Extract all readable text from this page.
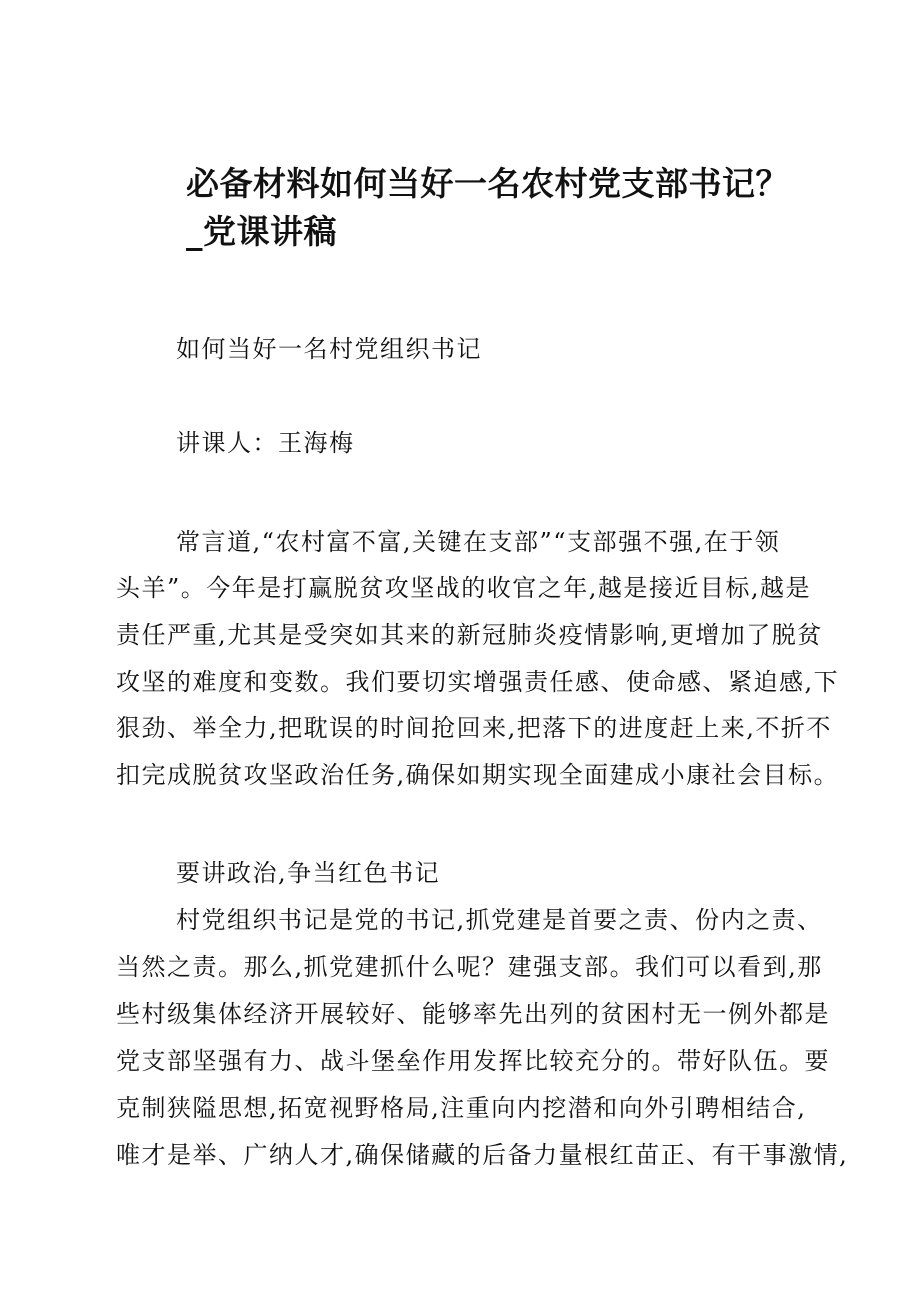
必备材料如何当好一名农村党支部书记？
_党课讲稿

如何当好一名村党组织书记

讲课人：王海梅

常言道,“农村富不富,关键在支部”“支部强不强,在于领

头羊”。今年是打赢脱贫攻坚战的收官之年,越是接近目标,越是

责任严重,尤其是受突如其来的新冠肺炎疫情影响,更增加了脱贫

攻坚的难度和变数。我们要切实增强责任感、使命感、紧迫感,下

狠劲、举全力,把耽误的时间抢回来,把落下的进度赶上来,不折不

扣完成脱贫攻坚政治任务,确保如期实现全面建成小康社会目标。

要讲政治,争当红色书记

村党组织书记是党的书记,抓党建是首要之责、份内之责、

当然之责。那么,抓党建抓什么呢？建强支部。我们可以看到,那

些村级集体经济开展较好、能够率先出列的贫困村无一例外都是

党支部坚强有力、战斗堡垒作用发挥比较充分的。带好队伍。要

克制狭隘思想,拓宽视野格局,注重向内挖潜和向外引聘相结合,

唯才是举、广纳人才,确保储藏的后备力量根红苗正、有干事激情,
